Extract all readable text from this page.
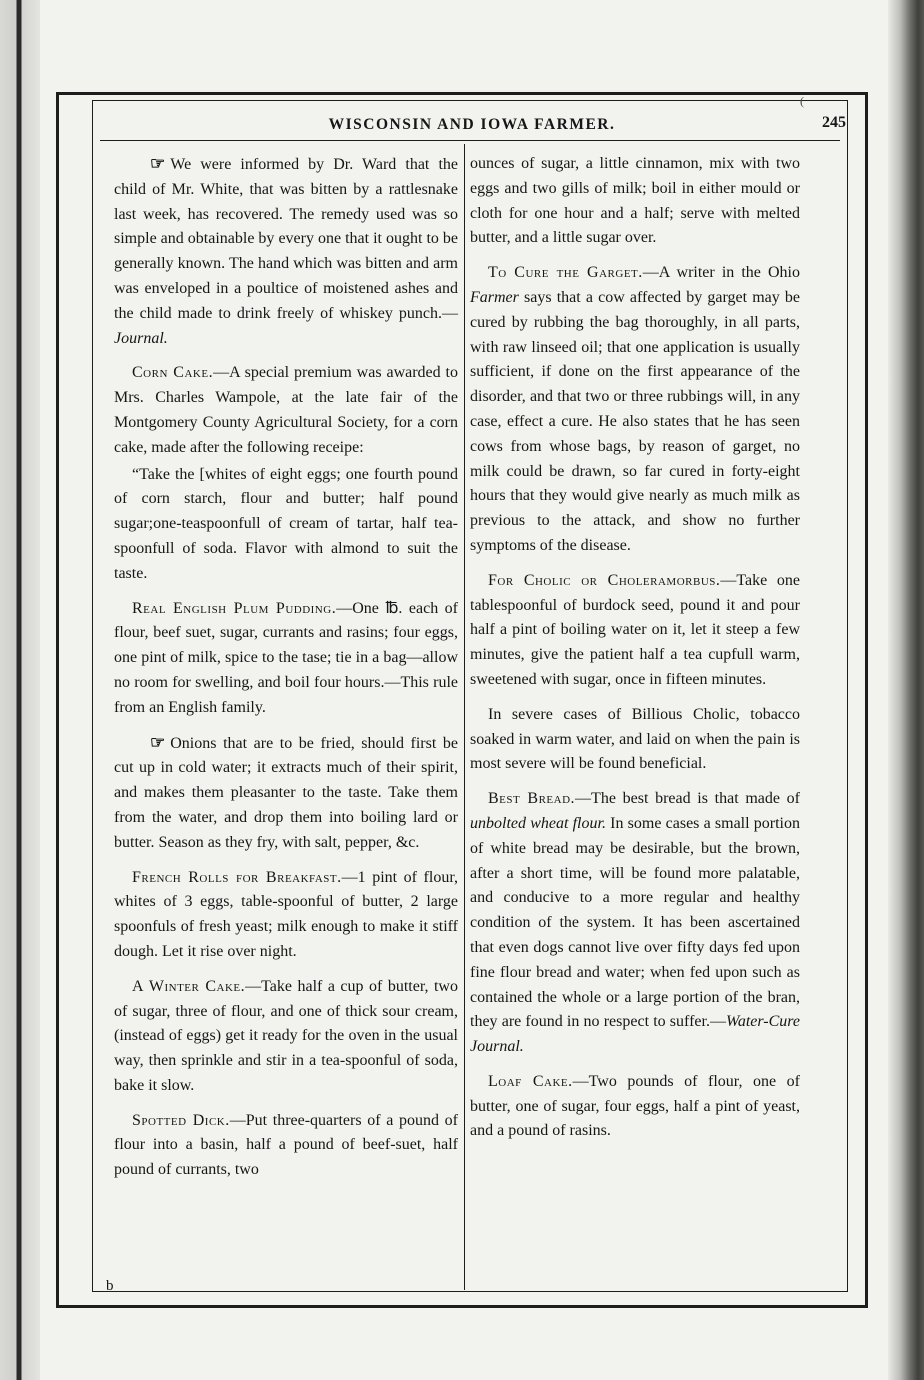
(
WISCONSIN AND IOWA FARMER.	245

☞ We were informed by Dr. Ward that the child of Mr. White, that was bitten by a rattlesnake last week, has recovered. The remedy used was so simple and obtainable by every one that it ought to be generally known. The hand which was bitten and arm was enveloped in a poultice of moistened ashes and the child made to drink freely of whiskey punch.—Journal.

Corn Cake.—A special premium was awarded to Mrs. Charles Wampole, at the late fair of the Montgomery County Agricultural Society, for a corn cake, made after the following receipe:

“Take the [whites of eight eggs; one fourth pound of corn starch, flour and butter; half pound sugar;one-teaspoonfull of cream of tartar, half tea-spoonfull of soda. Flavor with almond to suit the taste.

Real English Plum Pudding.—One ℔. each of flour, beef suet, sugar, currants and rasins; four eggs, one pint of milk, spice to the tase; tie in a bag—allow no room for swelling, and boil four hours.—This rule from an English family.

☞ Onions that are to be fried, should first be cut up in cold water; it extracts much of their spirit, and makes them pleasanter to the taste. Take them from the water, and drop them into boiling lard or butter. Season as they fry, with salt, pepper, &c.

French Rolls for Breakfast.—1 pint of flour, whites of 3 eggs, table-spoonful of butter, 2 large spoonfuls of fresh yeast; milk enough to make it stiff dough. Let it rise over night.

A Winter Cake.—Take half a cup of butter, two of sugar, three of flour, and one of thick sour cream, (instead of eggs) get it ready for the oven in the usual way, then sprinkle and stir in a tea-spoonful of soda, bake it slow.

Spotted Dick.—Put three-quarters of a pound of flour into a basin, half a pound of beef-suet, half pound of currants, two

ounces of sugar, a little cinnamon, mix with two eggs and two gills of milk; boil in either mould or cloth for one hour and a half; serve with melted butter, and a little sugar over.

To Cure the Garget.—A writer in the Ohio Farmer says that a cow affected by garget may be cured by rubbing the bag thoroughly, in all parts, with raw linseed oil; that one application is usually sufficient, if done on the first appearance of the disorder, and that two or three rubbings will, in any case, effect a cure. He also states that he has seen cows from whose bags, by reason of garget, no milk could be drawn, so far cured in forty-eight hours that they would give nearly as much milk as previous to the attack, and show no further symptoms of the disease.

For Cholic or Choleramorbus.—Take one tablespoonful of burdock seed, pound it and pour half a pint of boiling water on it, let it steep a few minutes, give the patient half a tea cupfull warm, sweetened with sugar, once in fifteen minutes.

In severe cases of Billious Cholic, tobacco soaked in warm water, and laid on when the pain is most severe will be found beneficial.

Best Bread.—The best bread is that made of unbolted wheat flour. In some cases a small portion of white bread may be desirable, but the brown, after a short time, will be found more palatable, and conducive to a more regular and healthy condition of the system. It has been ascertained that even dogs cannot live over fifty days fed upon fine flour bread and water; when fed upon such as contained the whole or a large portion of the bran, they are found in no respect to suffer.—Water-Cure Journal.

Loaf Cake.—Two pounds of flour, one of butter, one of sugar, four eggs, half a pint of yeast, and a pound of rasins.

b
